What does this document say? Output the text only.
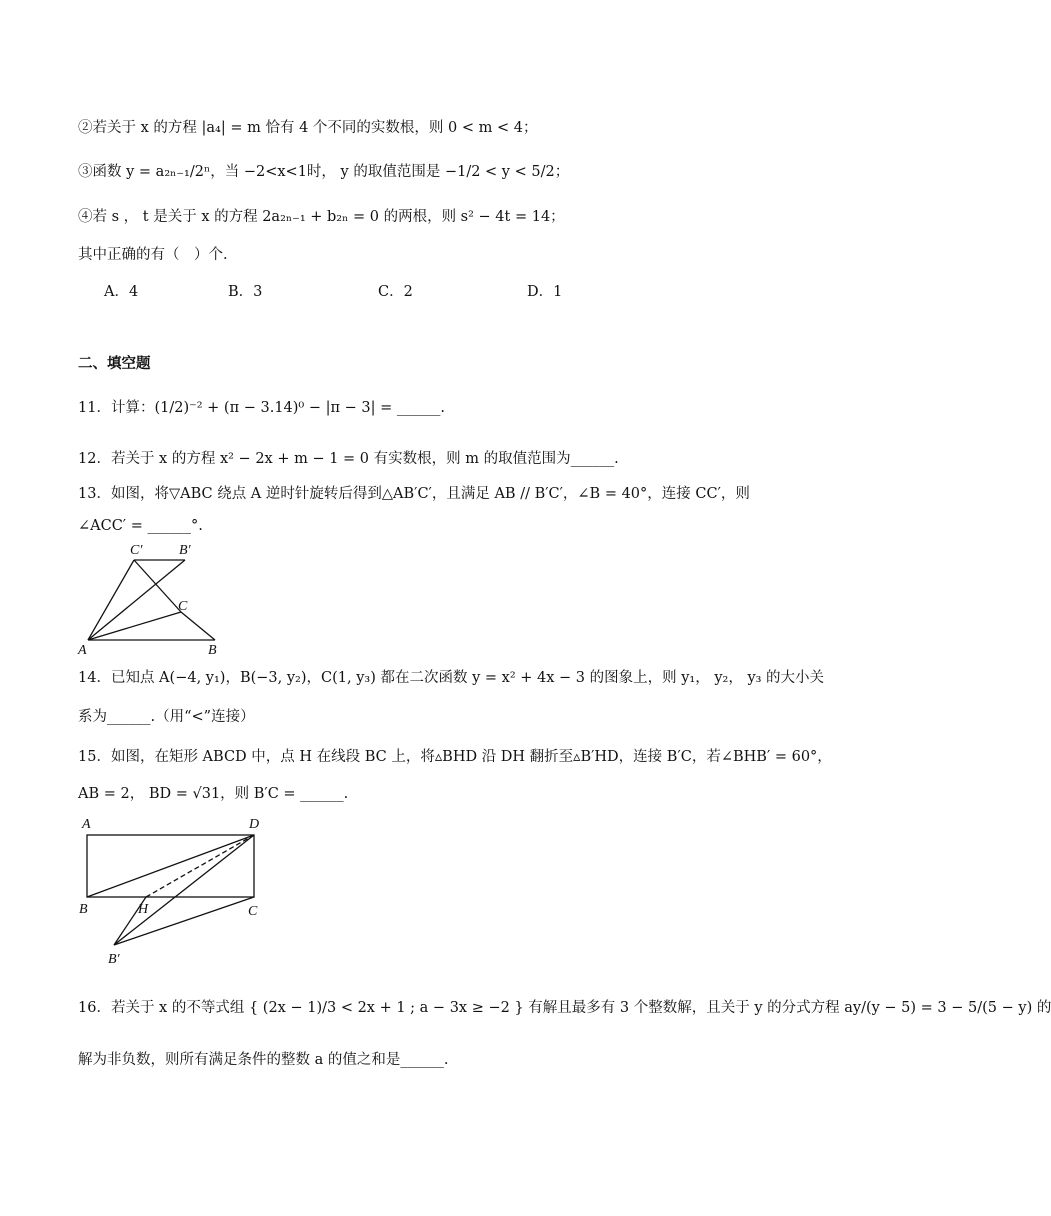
②若关于 x 的方程 |a₄| = m 恰有 4 个不同的实数根，则 0 < m < 4；
③函数 y = a₂ₙ₋₁/2ⁿ，当 −2<x<1时， y 的取值范围是 −1/2 < y < 5/2；
④若 s ， t 是关于 x 的方程 2a₂ₙ₋₁ + b₂ₙ = 0 的两根，则 s² − 4t = 14；
其中正确的有（　）个.
A．4	B．3	C．2	D．1
二、填空题
11．计算：(1/2)⁻² + (π − 3.14)⁰ − |π − 3| = ______.
12．若关于 x 的方程 x² − 2x + m − 1 = 0 有实数根，则 m 的取值范围为______.
13．如图，将▽ABC 绕点 A 逆时针旋转后得到△AB′C′，且满足 AB // B′C′，∠B = 40°，连接 CC′，则
∠ACC′ = ______°.
C′	B′
C
A	B
14．已知点 A(−4, y₁)，B(−3, y₂)，C(1, y₃) 都在二次函数 y = x² + 4x − 3 的图象上，则 y₁， y₂， y₃ 的大小关
系为______.（用“<”连接）
15．如图，在矩形 ABCD 中，点 H 在线段 BC 上，将▵BHD 沿 DH 翻折至▵B′HD，连接 B′C，若∠BHB′ = 60°，
AB = 2， BD = √31，则 B′C = ______.
A	D
B	H	C
B′
16．若关于 x 的不等式组 { (2x − 1)/3 < 2x + 1 ; a − 3x ≥ −2 } 有解且最多有 3 个整数解，且关于 y 的分式方程 ay/(y − 5) = 3 − 5/(5 − y) 的
解为非负数，则所有满足条件的整数 a 的值之和是______.
